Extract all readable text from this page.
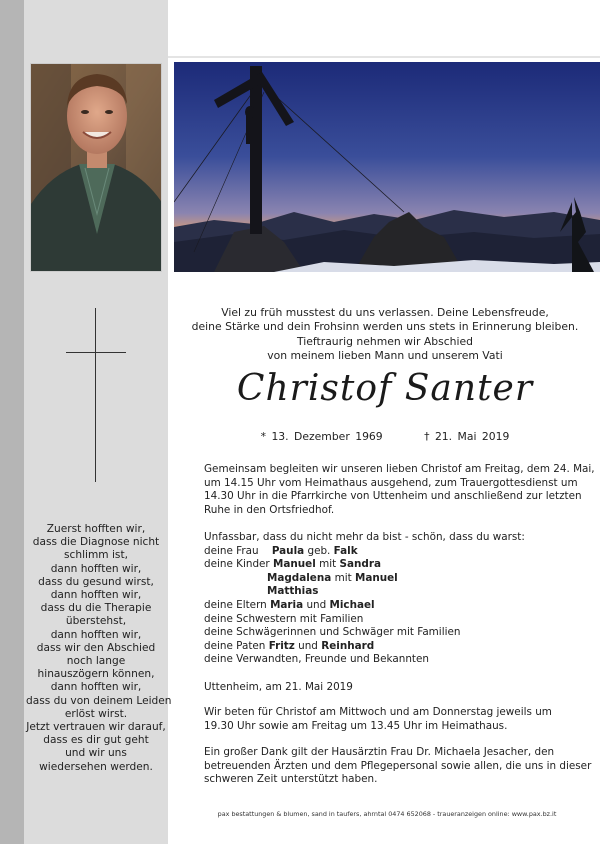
Zuerst hofften wir,
dass die Diagnose nicht
schlimm ist,
dann hofften wir,
dass du gesund wirst,
dann hofften wir,
dass du die Therapie
überstehst,
dann hofften wir,
dass wir den Abschied
noch lange
hinauszögern können,
dann hofften wir,
dass du von deinem Leiden
erlöst wirst.
Jetzt vertrauen wir darauf,
dass es dir gut geht
und wir uns
wiedersehen werden.
Viel zu früh musstest du uns verlassen. Deine Lebensfreude,
deine Stärke und dein Frohsinn werden uns stets in Erinnerung bleiben.
Tieftraurig nehmen wir Abschied
von meinem lieben Mann und unserem Vati
Christof Santer
* 13. Dezember 1969	† 21. Mai 2019
Gemeinsam begleiten wir unseren lieben Christof am Freitag, dem 24. Mai,
um 14.15 Uhr vom Heimathaus ausgehend, zum Trauergottesdienst um
14.30 Uhr in die Pfarrkirche von Uttenheim und anschließend zur letzten
Ruhe in den Ortsfriedhof.
Unfassbar, dass du nicht mehr da bist - schön, dass du warst:
deine Frau Paula geb. Falk
deine Kinder Manuel mit Sandra
Magdalena mit Manuel
Matthias
deine Eltern Maria und Michael
deine Schwestern mit Familien
deine Schwägerinnen und Schwäger mit Familien
deine Paten Fritz und Reinhard
deine Verwandten, Freunde und Bekannten
Uttenheim, am 21. Mai 2019
Wir beten für Christof am Mittwoch und am Donnerstag jeweils um
19.30 Uhr sowie am Freitag um 13.45 Uhr im Heimathaus.
Ein großer Dank gilt der Hausärztin Frau Dr. Michaela Jesacher, den
betreuenden Ärzten und dem Pflegepersonal sowie allen, die uns in dieser
schweren Zeit unterstützt haben.
pax bestattungen & blumen, sand in taufers, ahrntal 0474 652068 - traueranzeigen online: www.pax.bz.it
